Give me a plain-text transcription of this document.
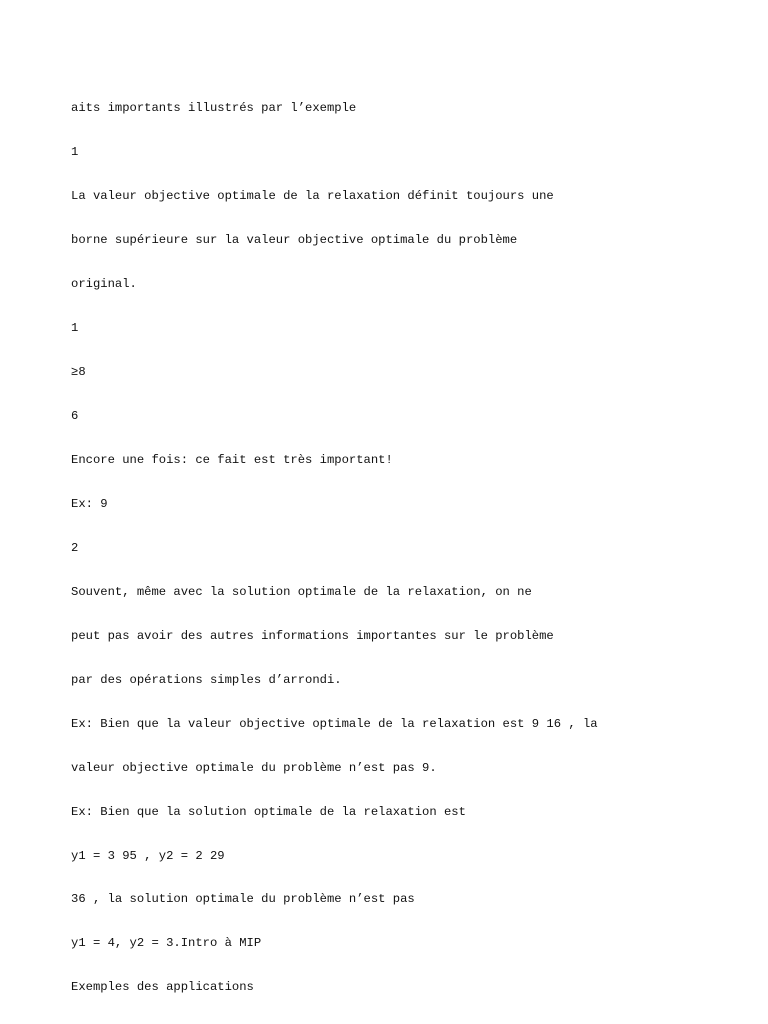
aits importants illustrés par l’exemple

1

La valeur objective optimale de la relaxation définit toujours une

borne supérieure sur la valeur objective optimale du problème

original.

1

≥8

6

Encore une fois: ce fait est très important!

Ex: 9

2

Souvent, même avec la solution optimale de la relaxation, on ne

peut pas avoir des autres informations importantes sur le problème

par des opérations simples d’arrondi.

Ex: Bien que la valeur objective optimale de la relaxation est 9 16 , la

valeur objective optimale du problème n’est pas 9.

Ex: Bien que la solution optimale de la relaxation est

y1 = 3 95 , y2 = 2 29

36 , la solution optimale du problème n’est pas

y1 = 4, y2 = 3.Intro à MIP

Exemples des applications
